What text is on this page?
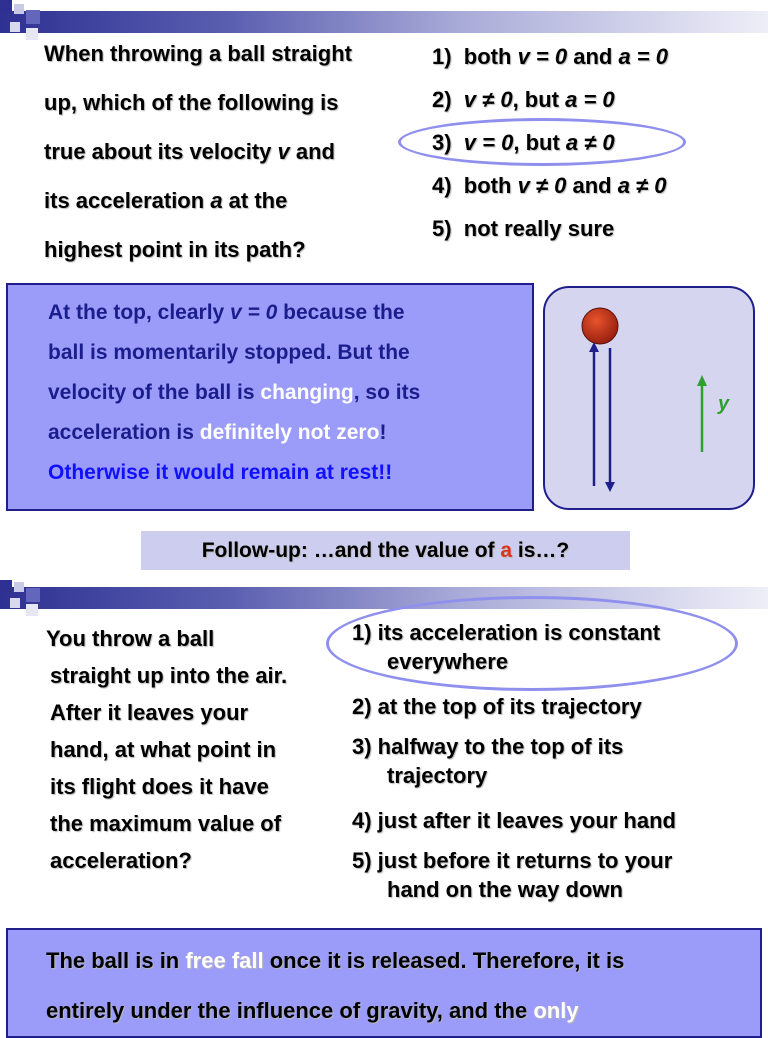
When throwing a ball straight
up, which of the following is
true about its velocity v and
its acceleration a at the
highest point in its path?
1) both v = 0 and a = 0
2) v ≠ 0, but a = 0
3) v = 0, but a ≠ 0
4) both v ≠ 0 and a ≠ 0
5) not really sure
At the top, clearly v = 0 because the
ball is momentarily stopped. But the
velocity of the ball is changing, so its
acceleration is definitely not zero!
Otherwise it would remain at rest!!
y
Follow-up: …and the value of a is…?
You throw a ball
straight up into the air.
After it leaves your
hand, at what point in
its flight does it have
the maximum value of
acceleration?
1) its acceleration is constant
everywhere
2) at the top of its trajectory
3) halfway to the top of its
trajectory
4) just after it leaves your hand
5) just before it returns to your
hand on the way down
The ball is in free fall once it is released. Therefore, it is
entirely under the influence of gravity, and the only
